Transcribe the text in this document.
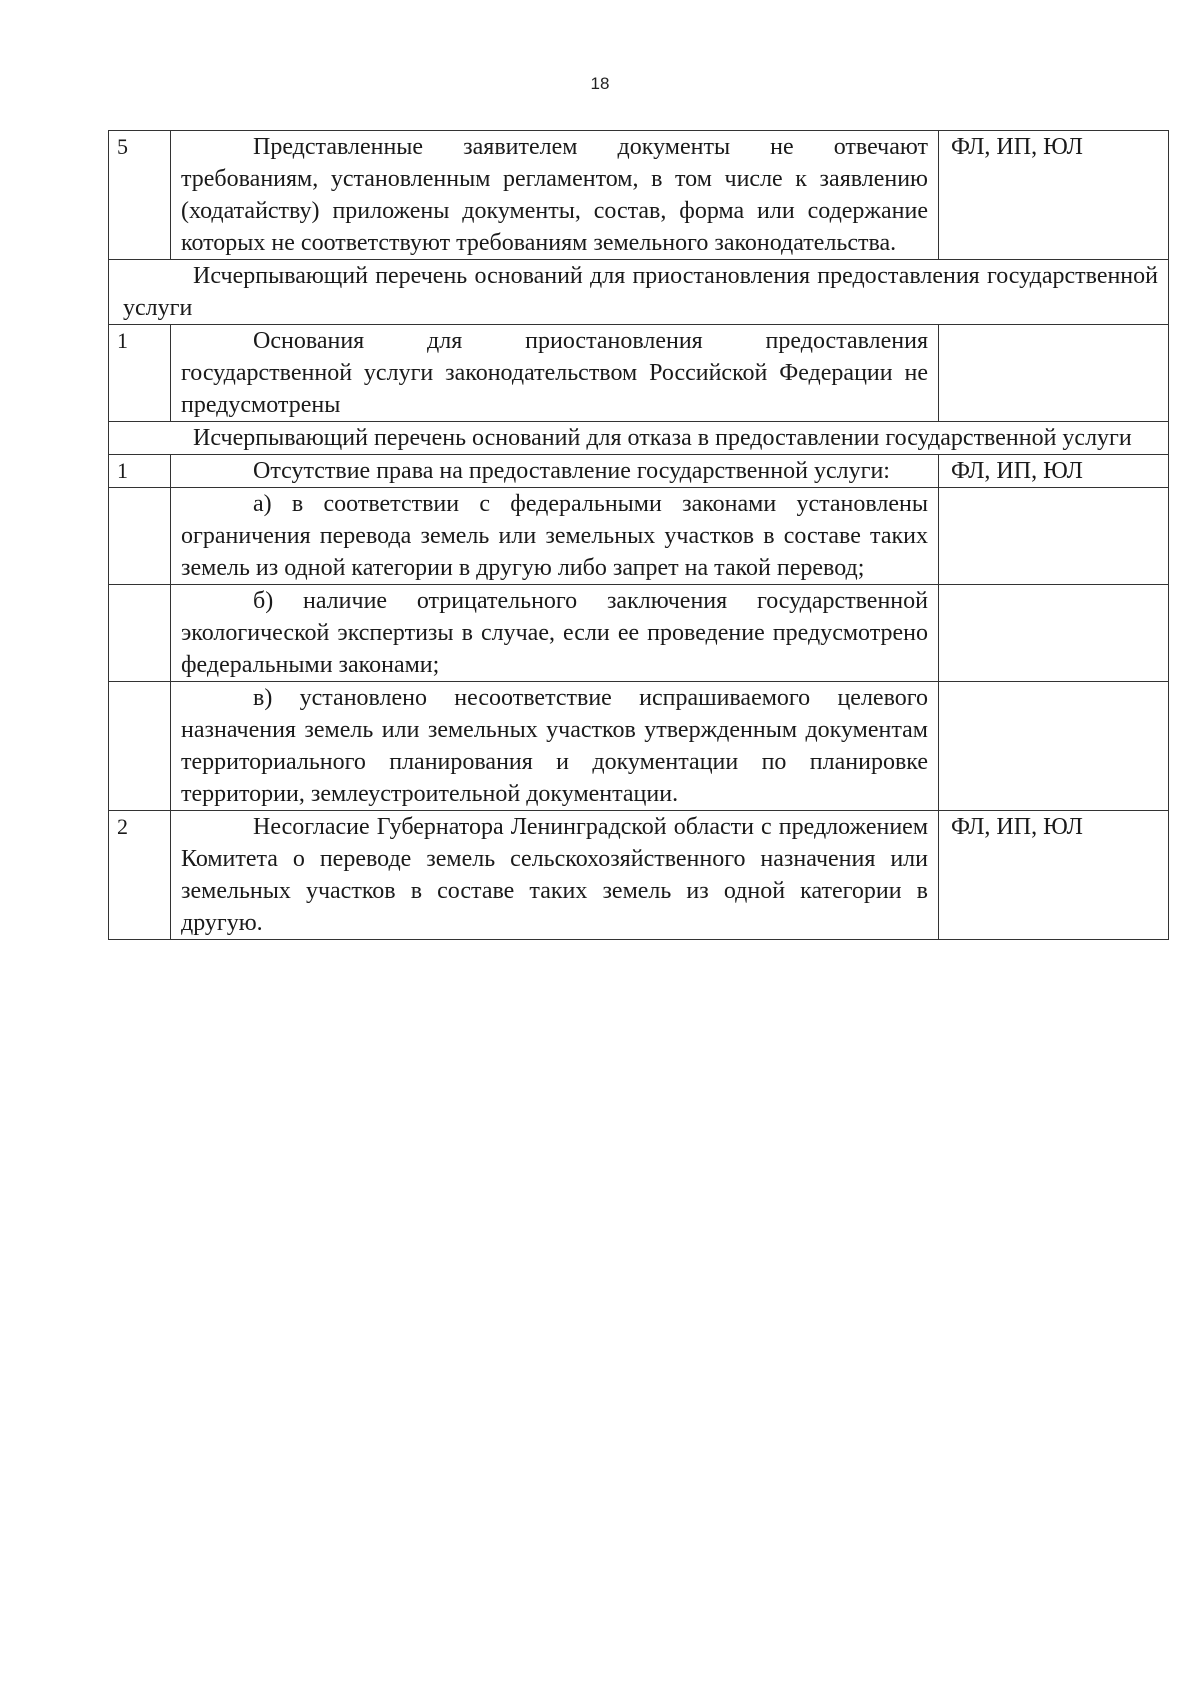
18
5	Представленные заявителем документы не отвечают требованиям, установленным регламентом, в том числе к заявлению (ходатайству) приложены документы, состав, форма или содержание которых не соответствуют требованиям земельного законодательства.	ФЛ, ИП, ЮЛ

Исчерпывающий перечень оснований для приостановления предоставления государственной услуги		

1	Основания для приостановления предоставления государственной услуги законодательством Российской Федерации не предусмотрены	

Исчерпывающий перечень оснований для отказа в предоставлении государственной услуги		

1	Отсутствие права на предоставление государственной услуги:	ФЛ, ИП, ЮЛ

	а) в соответствии с федеральными законами установлены ограничения перевода земель или земельных участков в составе таких земель из одной категории в другую либо запрет на такой перевод;	

	б) наличие отрицательного заключения государственной экологической экспертизы в случае, если ее проведение предусмотрено федеральными законами;	

	в) установлено несоответствие испрашиваемого целевого назначения земель или земельных участков утвержденным документам территориального планирования и документации по планировке территории, землеустроительной документации.	

2	Несогласие Губернатора Ленинградской области с предложением Комитета о переводе земель сельскохозяйственного назначения или земельных участков в составе таких земель из одной категории в другую.	ФЛ, ИП, ЮЛ
